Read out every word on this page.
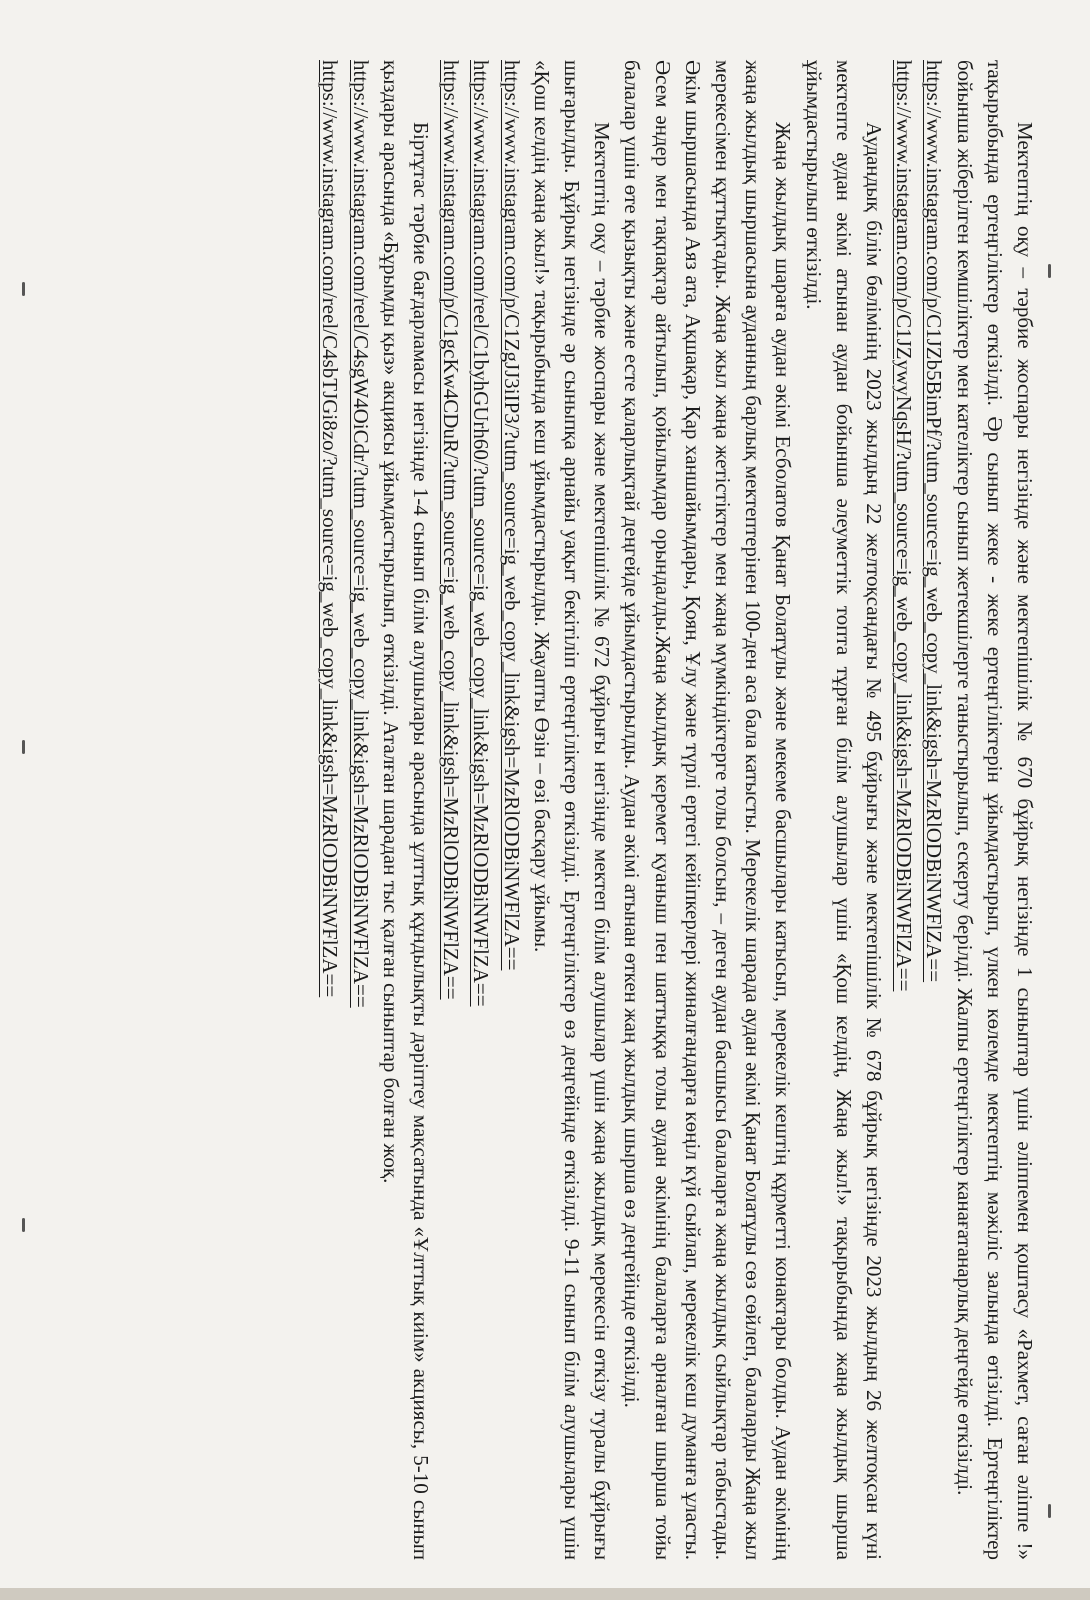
Мектептің оқу – тәрбие жоспары негізінде және мектепішілік № 670 бұйрық негізінде 1 сыныптар үшін әліппемен қоштасу «Рахмет, саған әліппе !» тақырыбында ертеңгіліктер өткізілді. Әр сынып жеке - жеке ертеңгіліктерін ұйымдастырып, үлкен көлемде мектептің мәжіліс залында өтізілді. Ертеңгіліктер бойынша жіберілген кемшіліктер мен кателіктер сынып жетекшілерге таныстырылып, ескерту берілді. Жалпы ертеңгіліктер канағатанарлық деңгейде өткізілді.

https://www.instagram.com/p/C1JZb5BimPf/?utm_source=ig_web_copy_link&igsh=MzRlODBiNWFlZA==

https://www.instagram.com/p/C1JZywyNqsH/?utm_source=ig_web_copy_link&igsh=MzRlODBiNWFlZA==

Аудандық білім бөлімінің 2023 жылдың 22 желтоқсандағы № 495 бұйрығы және мектепішілік № 678 бұйрық негізінде 2023 жылдың 26 желтоқсан күні мектепте аудан әкімі атынан аудан бойынша әлеуметтік топта тұрған білім алушылар үшін «Қош келдің, Жаңа жыл!» тақырыбында жаңа жылдық шырша ұйымдастырылып өткізілді.

Жаңа жылдық шараға аудан әкімі Есболатов Қанат Болатұлы және мекеме басшылары катысып, мерекелік кештің құрметті конактары болды. Аудан әкімінің жаңа жылдық шыршасына ауданның барлық мектептерінен 100-ден аса бала катысты. Мерекелік шарада аудан әкімі Қанат Болатұлы сөз сөйлеп, балаларды Жаңа жыл мерекесімен құттықтады. Жаңа жыл жаңа жетістіктер мен жаңа мүмкіндіктерге толы болсын, – деген аудан басшысы балаларға жаңа жылдық сыйлықтар табыстады. Әкім шыршасында Аяз ата, Ақшақар, Қар ханшайымдары, Қоян, Ұлу және түрлі ертегі кейіпкерлері жиналғандарға көңіл күй сыйлап, мерекелік кеш думанға ұласты. Әсем әндер мен тақпақтар айтылып, қойылымдар орындалды.Жаңа жылдық керемет қуаныш пен шаттыққа толы аудан әкімінің балаларға арналған шырша тойы балалар үшін өте қызықты және есте қаларлықтай деңгейде ұйымдастырылды. Аудан әкімі атынан өткен жаң жылдық шырша өз деңгейінде өткізілді.

Мектептің оқу – тәрбие жоспары және мектепішілік № 672 бұйрығы негізінде мектеп білім алушылар үшін жаңа жылдық мерекесін өткізу туралы бұйрығы шығарылды. Бұйрық негізінде әр сыныпқа арнайы уақыт бекітіліп ертеңгіліктер өткізілді. Ертеңгіліктер өз деңгейінде өткізілді. 9-11 сынып білім алушылары үшін «Қош келдің жаңа жыл!» тақырыбында кеш ұйымдастырылды. Жауапты Өзін – өзі басқару ұйымы.

https://www.instagram.com/p/C1ZgJJ3iIP3/?utm_source=ig_web_copy_link&igsh=MzRlODBiNWFlZA==

https://www.instagram.com/reel/C1byhGUrh60/?utm_source=ig_web_copy_link&igsh=MzRlODBiNWFlZA==

https://www.instagram.com/p/C1gcKw4CDuR/?utm_source=ig_web_copy_link&igsh=MzRlODBiNWFlZA==

Біртұтас тәрбие бағдарламасы негізінде 1-4 сынып білім алушылары арасында ұлттық құндылықты дәріптеу мақсатында «Ұлттық киім» акциясы, 5-10 сынып қыздары арасында «Бұрымды қыз» акциясы ұйымдастырылып, өткізілді. Аталған шарадан тыс қалған сыныптар болған жоқ.

https://www.instagram.com/reel/C4sgW4OiCdr/?utm_source=ig_web_copy_link&igsh=MzRlODBiNWFlZA==

https://www.instagram.com/reel/C4sbTJGi8zo/?utm_source=ig_web_copy_link&igsh=MzRlODBiNWFlZA==
